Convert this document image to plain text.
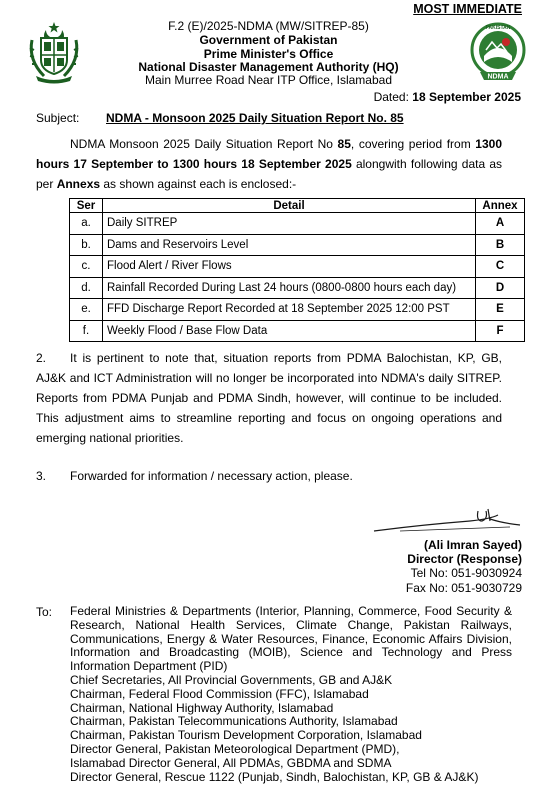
MOST IMMEDIATE
PAKISTAN
NDMA
F.2 (E)/2025-NDMA (MW/SITREP-85)
Government of Pakistan
Prime Minister's Office
National Disaster Management Authority (HQ)
Main Murree Road Near ITP Office, Islamabad
Dated: 18 September 2025
Subject: NDMA - Monsoon 2025 Daily Situation Report No. 85
NDMA Monsoon 2025 Daily Situation Report No 85, covering period from 1300 hours 17 September to 1300 hours 18 September 2025 alongwith following data as per Annexs as shown against each is enclosed:-
Ser	Detail	Annex
a.	Daily SITREP	A
b.	Dams and Reservoirs Level	B
c.	Flood Alert / River Flows	C
d.	Rainfall Recorded During Last 24 hours (0800-0800 hours each day)	D
e.	FFD Discharge Report Recorded at 18 September 2025 12:00 PST	E
f.	Weekly Flood / Base Flow Data	F
2. It is pertinent to note that, situation reports from PDMA Balochistan, KP, GB, AJ&K and ICT Administration will no longer be incorporated into NDMA's daily SITREP. Reports from PDMA Punjab and PDMA Sindh, however, will continue to be included. This adjustment aims to streamline reporting and focus on ongoing operations and emerging national priorities.
3. Forwarded for information / necessary action, please.
(Ali Imran Sayed)
Director (Response)
Tel No: 051-9030924
Fax No: 051-9030729
To: Federal Ministries & Departments (Interior, Planning, Commerce, Food Security & Research, National Health Services, Climate Change, Pakistan Railways, Communications, Energy & Water Resources, Finance, Economic Affairs Division, Information and Broadcasting (MOIB), Science and Technology and Press Information Department (PID)
Chief Secretaries, All Provincial Governments, GB and AJ&K
Chairman, Federal Flood Commission (FFC), Islamabad
Chairman, National Highway Authority, Islamabad
Chairman, Pakistan Telecommunications Authority, Islamabad
Chairman, Pakistan Tourism Development Corporation, Islamabad
Director General, Pakistan Meteorological Department (PMD),
Islamabad Director General, All PDMAs, GBDMA and SDMA
Director General, Rescue 1122 (Punjab, Sindh, Balochistan, KP, GB & AJ&K)
